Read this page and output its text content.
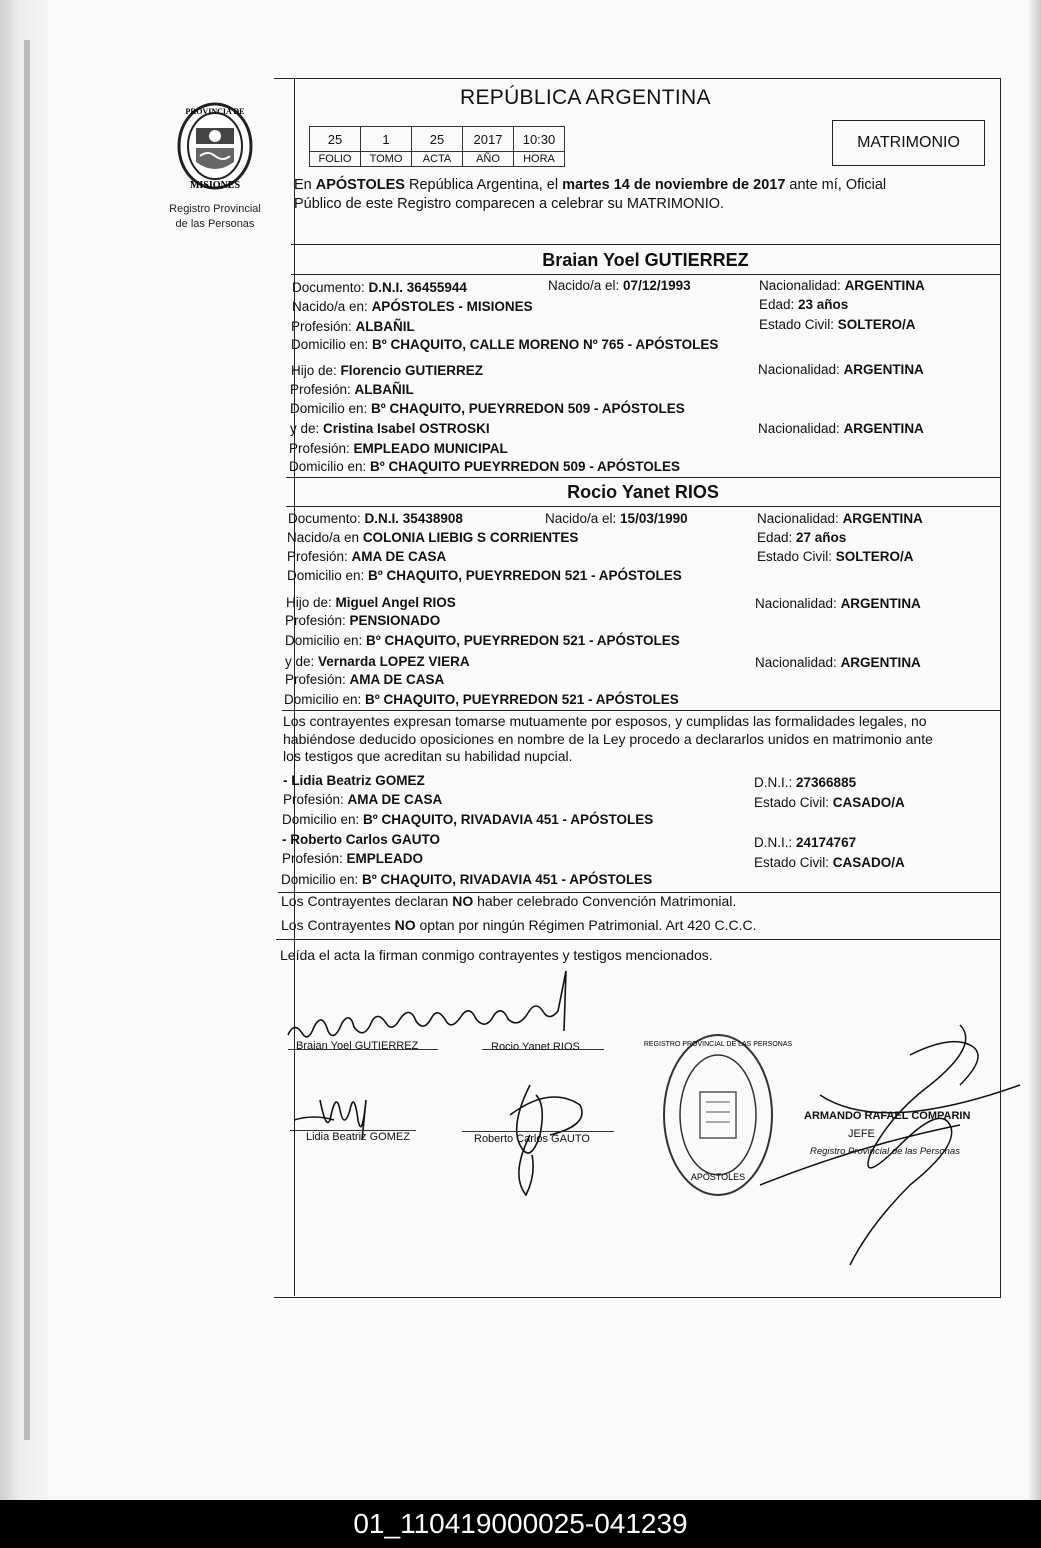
PROVINCIA DE
MISIONES
Registro Provincial
de las Personas
REPÚBLICA ARGENTINA
25	1	25	2017	10:30
FOLIO	TOMO	ACTA	AÑO	HORA
MATRIMONIO
En APÓSTOLES República Argentina, el martes 14 de noviembre de 2017 ante mí, Oficial
Público de este Registro comparecen a celebrar su MATRIMONIO.
Braian Yoel GUTIERREZ
Documento: D.N.I. 36455944	Nacido/a el: 07/12/1993	Nacionalidad: ARGENTINA
Nacido/a en: APÓSTOLES - MISIONES	Edad: 23 años
Profesión: ALBAÑIL	Estado Civil: SOLTERO/A
Domicilio en: Bº CHAQUITO, CALLE MORENO Nº 765 - APÓSTOLES
Hijo de: Florencio GUTIERREZ	Nacionalidad: ARGENTINA
Profesión: ALBAÑIL
Domicilio en: Bº CHAQUITO, PUEYRREDON 509 - APÓSTOLES
y de: Cristina Isabel OSTROSKI	Nacionalidad: ARGENTINA
Profesión: EMPLEADO MUNICIPAL
Domicilio en: Bº CHAQUITO PUEYRREDON 509 - APÓSTOLES
Rocio Yanet RIOS
Documento: D.N.I. 35438908	Nacido/a el: 15/03/1990	Nacionalidad: ARGENTINA
Nacido/a en COLONIA LIEBIG S CORRIENTES	Edad: 27 años
Profesión: AMA DE CASA	Estado Civil: SOLTERO/A
Domicilio en: Bº CHAQUITO, PUEYRREDON 521 - APÓSTOLES
Hijo de: Miguel Angel RIOS	Nacionalidad: ARGENTINA
Profesión: PENSIONADO
Domicilio en: Bº CHAQUITO, PUEYRREDON 521 - APÓSTOLES
y de: Vernarda LOPEZ VIERA	Nacionalidad: ARGENTINA
Profesión: AMA DE CASA
Domicilio en: Bº CHAQUITO, PUEYRREDON 521 - APÓSTOLES
Los contrayentes expresan tomarse mutuamente por esposos, y cumplidas las formalidades legales, no
habiéndose deducido oposiciones en nombre de la Ley procedo a declararlos unidos en matrimonio ante
los testigos que acreditan su habilidad nupcial.
- Lidia Beatriz GOMEZ	D.N.I.: 27366885
Profesión: AMA DE CASA	Estado Civil: CASADO/A
Domicilio en: Bº CHAQUITO, RIVADAVIA 451 - APÓSTOLES
- Roberto Carlos GAUTO	D.N.I.: 24174767
Profesión: EMPLEADO	Estado Civil: CASADO/A
Domicilio en: Bº CHAQUITO, RIVADAVIA 451 - APÓSTOLES
Los Contrayentes declaran NO haber celebrado Convención Matrimonial.
Los Contrayentes NO optan por ningún Régimen Patrimonial. Art 420 C.C.C.
Leída el acta la firman conmigo contrayentes y testigos mencionados.
Braian Yoel GUTIERREZ	Rocio Yanet RIOS
Lidia Beatriz GOMEZ	Roberto Carlos GAUTO
REGISTRO PROVINCIAL DE LAS PERSONAS
APÓSTOLES
ARMANDO RAFAEL COMPARIN
JEFE
Registro Provincial de las Personas
01_110419000025-041239
